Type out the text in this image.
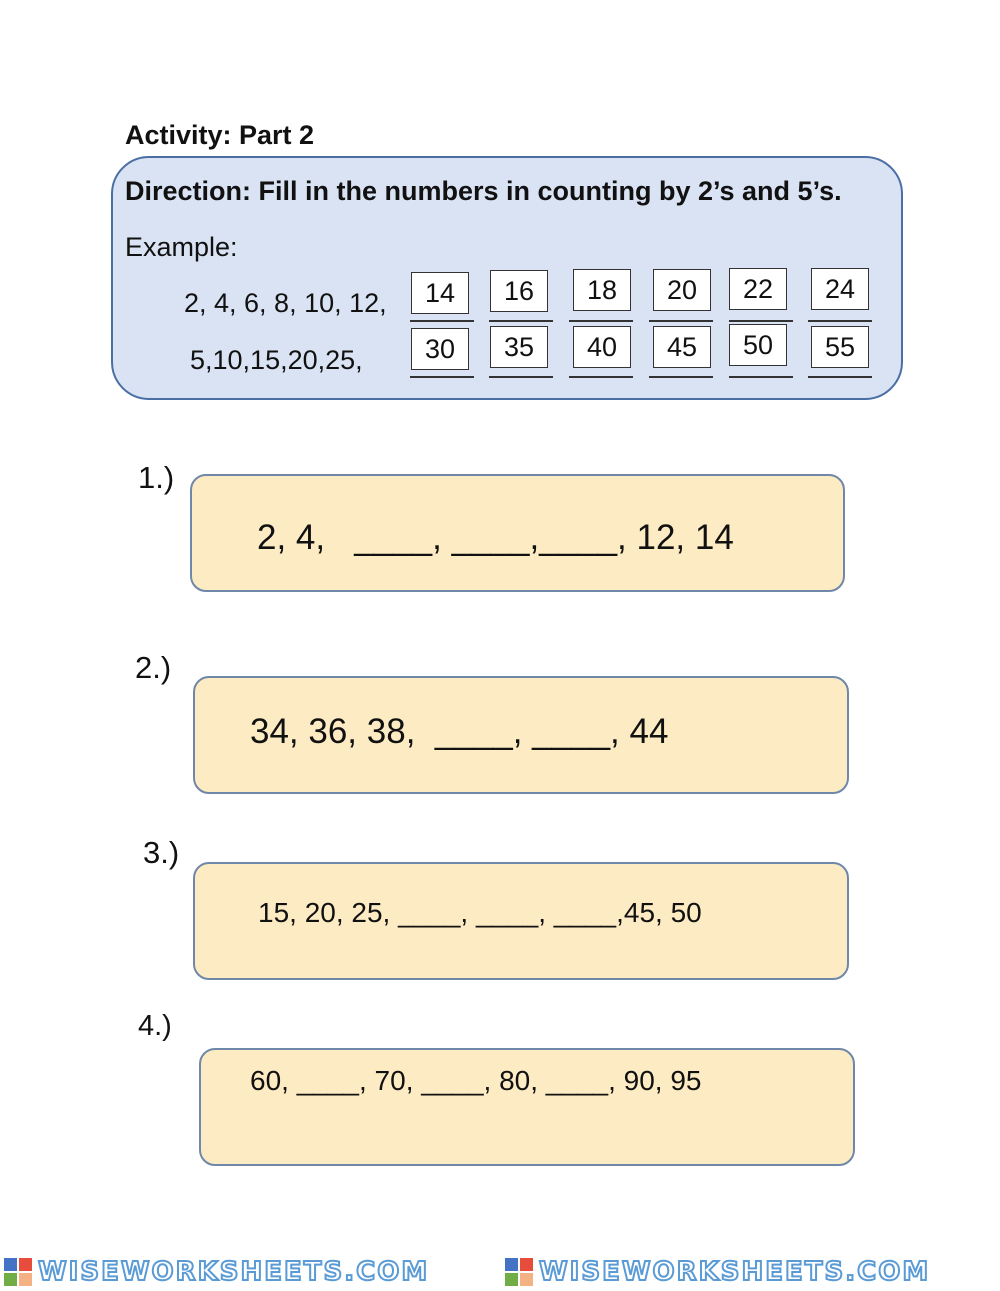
Activity: Part 2
Direction: Fill in the numbers in counting by 2’s and 5’s.
Example:
2, 4, 6, 8, 10, 12,	14	16	18	20	22	24
5,10,15,20,25,	30	35	40	45	50	55
1.)
2, 4,   ____, ____,____, 12, 14
2.)
34, 36, 38,  ____, ____, 44
3.)
15, 20, 25, ____, ____, ____,45, 50
4.)
60, ____, 70, ____, 80, ____, 90, 95
WISEWORKSHEETS.COM	WISEWORKSHEETS.COM
